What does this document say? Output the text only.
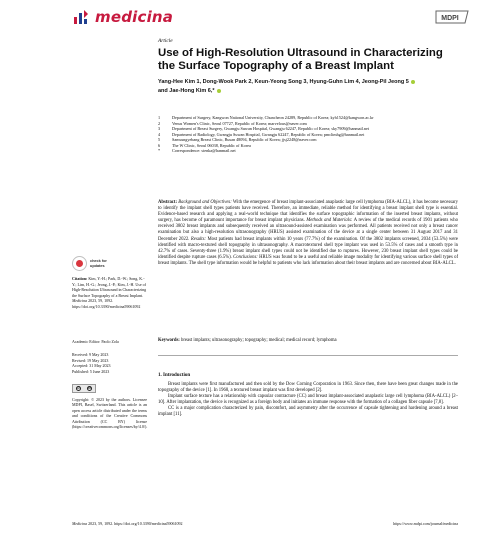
medicina	MDPI
Article
Use of High-Resolution Ultrasound in Characterizing the Surface Topography of a Breast Implant
Yang-Hee Kim 1, Dong-Wook Park 2, Keun-Yeong Song 3, Hyung-Guhn Lim 4, Jeong-Pil Jeong 5
and Jae-Hong Kim 6,*
1	Department of Surgery, Kangwon National University, Chuncheon 24289, Republic of Korea; kyh1524@kangwon.ac.kr
2	Venus Women's Clinic, Seoul 07727, Republic of Korea; marvelous@naver.com
3	Department of Breast Surgery, Gwangju Suwan Hospital, Gwangju 62247, Republic of Korea; sky7909@hanmail.net
4	Department of Radiology, Gwangju Suwan Hospital, Gwangju 62247, Republic of Korea; pmclimhg@hanmail.net
5	Samsungyebang Breast Clinic, Busan 48094, Republic of Korea; jjsj2248@naver.com
6	The W Clinic, Seoul 06038, Republic of Korea
*	Correspondence: stenka@hanmail.net
Abstract: Background and Objectives: With the emergence of breast implant-associated anaplastic large cell lymphoma (BIA-ALCL), it has become necessary to identify the implant shell types patients have received. Therefore, an immediate, reliable method for identifying a breast implant shell type is essential. Evidence-based research and applying a real-world technique that identifies the surface topographic information of the inserted breast implants, without surgery, has become of paramount importance for breast implant physicians. Methods and Materials: A review of the medical records of 1901 patients who received 3802 breast implants and subsequently received an ultrasound-assisted examination was performed. All patients received not only a breast cancer examination but also a high-resolution ultrasonography (HRUS) assisted examination of the device at a single center between 31 August 2017 and 31 December 2022. Results: Most patients had breast implants within 10 years (77.7%) of the examination. Of the 3802 implants screened, 2034 (53.5%) were identified with macro-textured shell topography in ultrasonography. A macrotextured shell type implant was used in 53.5% of cases and a smooth type in 42.7% of cases. Seventy-three (1.9%) breast implant shell types could not be identified due to ruptures. However, 230 breast implant shell types could be identified despite rupture cases (6.5%). Conclusions: HRUS was found to be a useful and reliable image modality for identifying various surface shell types of breast implants. The shell type information would be helpful to patients who lack information about their breast implants and are concerned about BIA-ALCL.
Keywords: breast implants; ultrasonography; topography; medical; medical record; lymphoma
1. Introduction

Breast implants were first manufactured and then sold by the Dow Corning Corporation in 1963. Since then, there have been great changes made in the topography of the device [1]. In 1968, a textured breast implant was first developed [2].

Implant surface texture has a relationship with capsular contracture (CC) and breast implant-associated anaplastic large cell lymphoma (BIA-ALCL) [2–10]. After implantation, the device is recognized as a foreign body and initiates an immune response with the formation of a collagen fiber capsule [7,8].

CC is a major complication characterized by pain, discomfort, and asymmetry after the occurrence of capsule tightening and hardening around a breast implant [11].

check for
updates
Citation: Kim, Y.-H.; Park, D.-W.; Song, K.-Y.; Lim, H.-G.; Jeong, J.-P.; Kim, J.-H. Use of High-Resolution Ultrasound in Characterizing the Surface Topography of a Breast Implant. Medicina 2023, 59, 1092. https://doi.org/10.3390/medicina59061092
Academic Editor: Paolo Zola
Received: 9 May 2023
Revised: 19 May 2023
Accepted: 31 May 2023
Published: 5 June 2023
cc	BY
Copyright: © 2023 by the authors. Licensee MDPI, Basel, Switzerland. This article is an open access article distributed under the terms and conditions of the Creative Commons Attribution (CC BY) license (https://creativecommons.org/licenses/by/4.0/).
Medicina 2023, 59, 1092. https://doi.org/10.3390/medicina59061092	https://www.mdpi.com/journal/medicina
